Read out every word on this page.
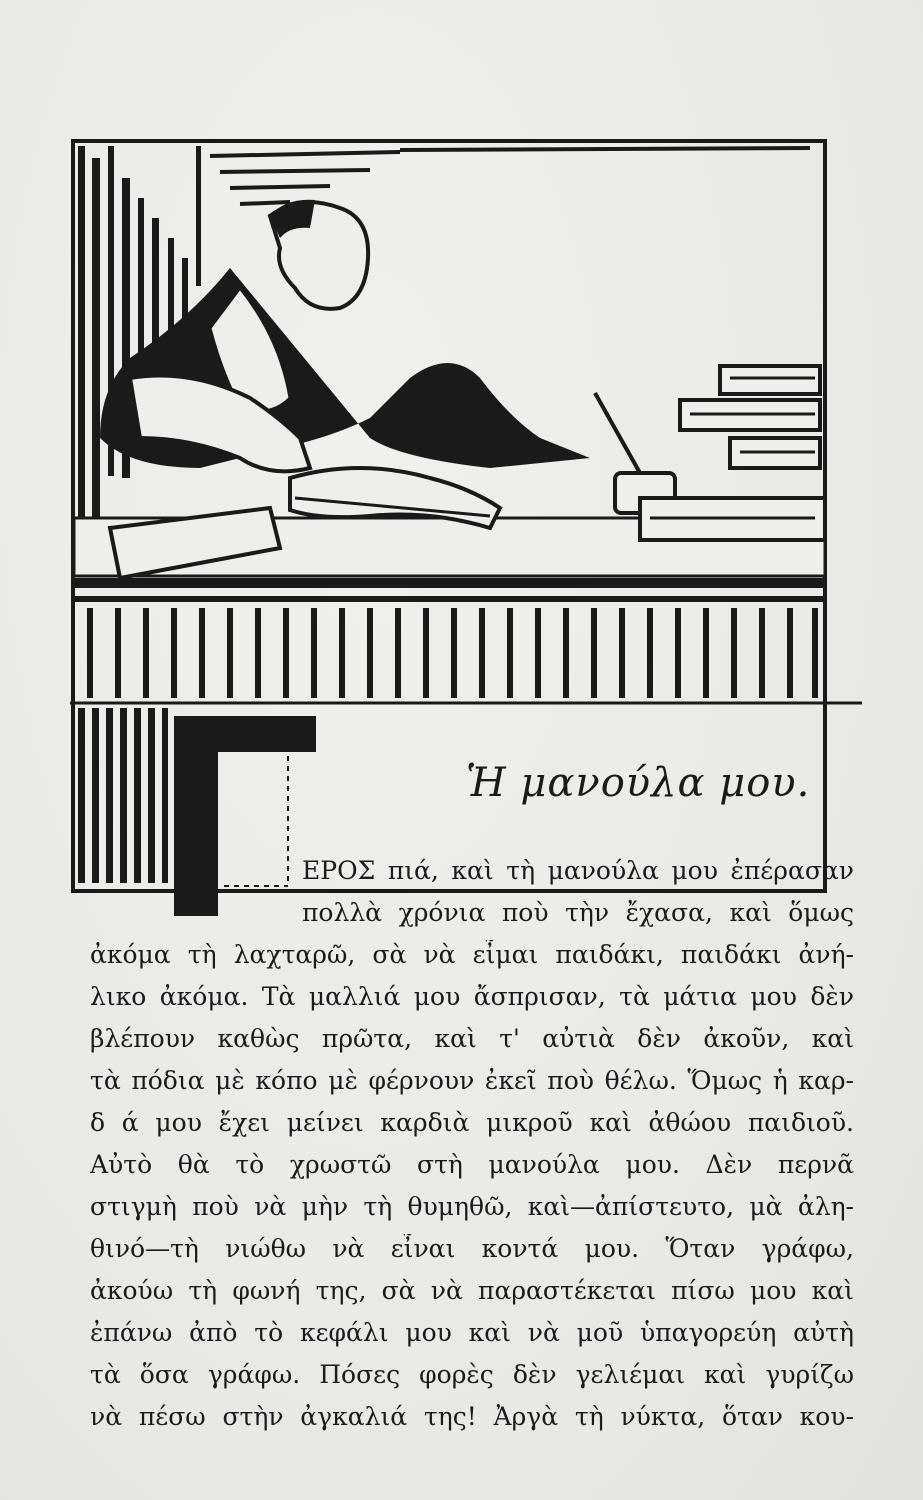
Ἡ μανούλα μου.
ΕΡΟΣ πιά, καὶ τὴ μανούλα μου ἐπέρασαν
πολλὰ χρόνια ποὺ τὴν ἔχασα, καὶ ὅμως
ἀκόμα τὴ λαχταρῶ, σὰ νὰ εἶμαι παιδάκι, παιδάκι ἀνή-
λικο ἀκόμα. Τὰ μαλλιά μου ἄσπρισαν, τὰ μάτια μου δὲν
βλέπουν καθὼς πρῶτα, καὶ τ' αὐτιὰ δὲν ἀκοῦν, καὶ
τὰ πόδια μὲ κόπο μὲ φέρνουν ἐκεῖ ποὺ θέλω. Ὅμως ἡ καρ-
δ ά μου ἔχει μείνει καρδιὰ μικροῦ καὶ ἀθώου παιδιοῦ.
Αὐτὸ θὰ τὸ χρωστῶ στὴ μανούλα μου. Δὲν περνᾶ
στιγμὴ ποὺ νὰ μὴν τὴ θυμηθῶ, καὶ—ἀπίστευτο, μὰ ἀλη-
θινό—τὴ νιώθω νὰ εἶναι κοντά μου. Ὅταν γράφω,
ἀκούω τὴ φωνή της, σὰ νὰ παραστέκεται πίσω μου καὶ
ἐπάνω ἀπὸ τὸ κεφάλι μου καὶ νὰ μοῦ ὑπαγορεύη αὐτὴ
τὰ ὅσα γράφω. Πόσες φορὲς δὲν γελιέμαι καὶ γυρίζω
νὰ πέσω στὴν ἀγκαλιά της! Ἀργὰ τὴ νύκτα, ὅταν κου-
